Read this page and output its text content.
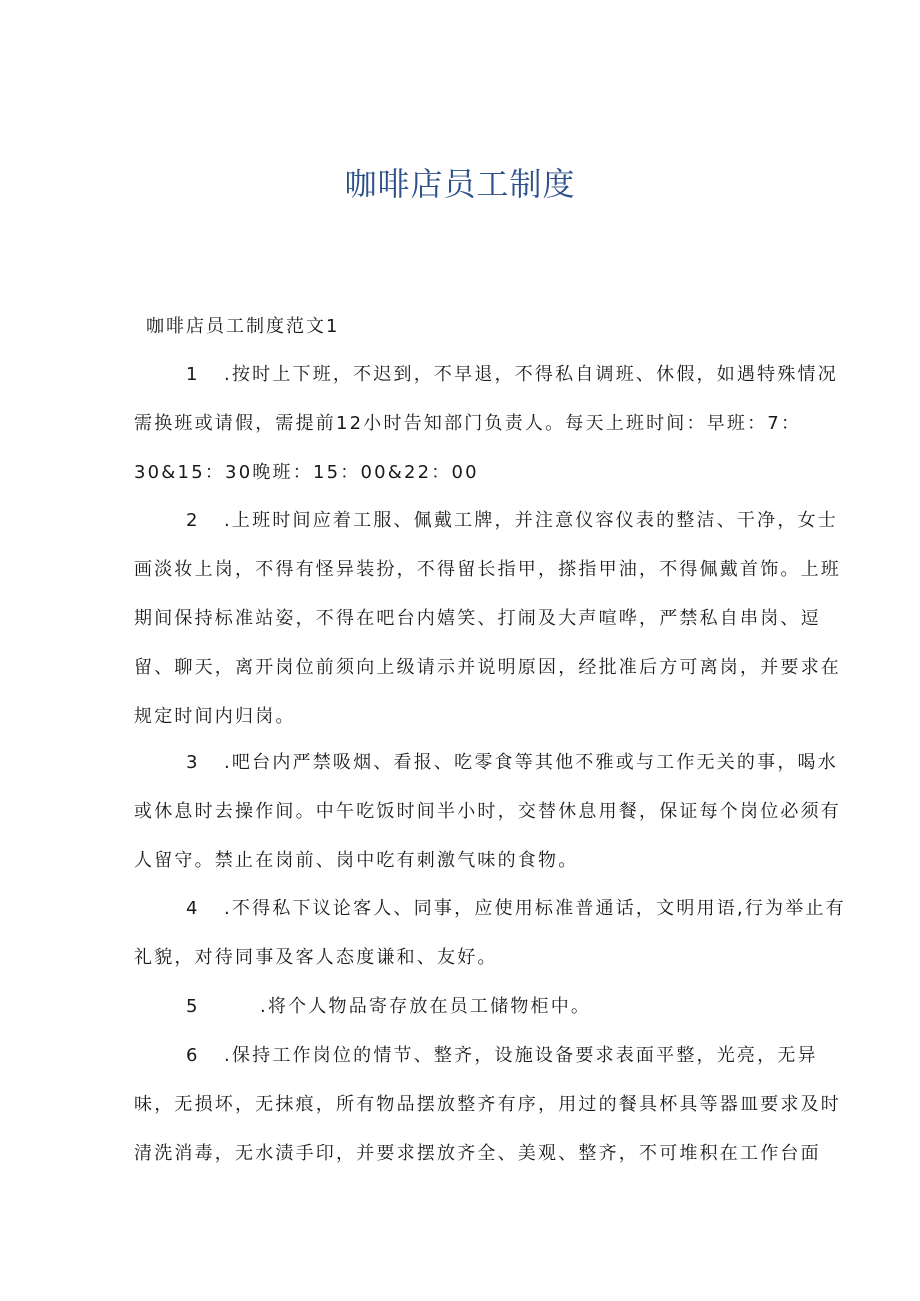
咖啡店员工制度
咖啡店员工制度范文1
1 .按时上下班，不迟到，不早退，不得私自调班、休假，如遇特殊情况
需换班或请假，需提前12小时告知部门负责人。每天上班时间：早班：7：
30&15：30晚班：15：00&22：00
2 .上班时间应着工服、佩戴工牌，并注意仪容仪表的整洁、干净，女士
画淡妆上岗，不得有怪异装扮，不得留长指甲，搽指甲油，不得佩戴首饰。上班
期间保持标准站姿，不得在吧台内嬉笑、打闹及大声喧哗，严禁私自串岗、逗
留、聊天，离开岗位前须向上级请示并说明原因，经批准后方可离岗，并要求在
规定时间内归岗。
3 .吧台内严禁吸烟、看报、吃零食等其他不雅或与工作无关的事，喝水
或休息时去操作间。中午吃饭时间半小时，交替休息用餐，保证每个岗位必须有
人留守。禁止在岗前、岗中吃有刺激气味的食物。
4 .不得私下议论客人、同事，应使用标准普通话，文明用语,行为举止有
礼貌，对待同事及客人态度谦和、友好。
5	.将个人物品寄存放在员工储物柜中。
6 .保持工作岗位的情节、整齐，设施设备要求表面平整，光亮，无异
味，无损坏，无抹痕，所有物品摆放整齐有序，用过的餐具杯具等器皿要求及时
清洗消毒，无水渍手印，并要求摆放齐全、美观、整齐，不可堆积在工作台面
